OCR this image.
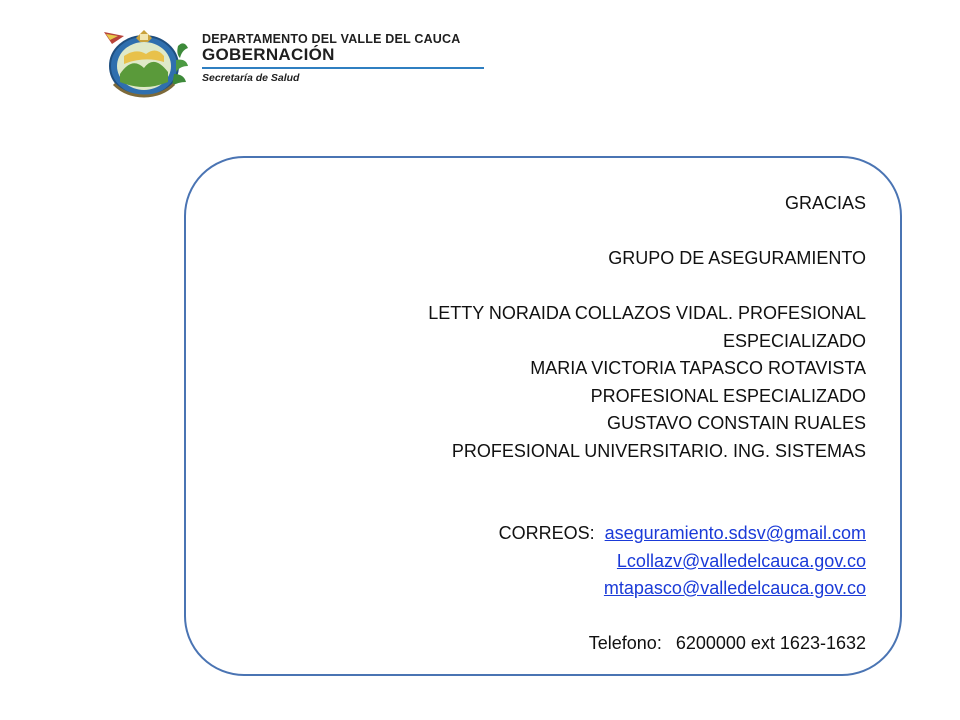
DEPARTAMENTO DEL VALLE DEL CAUCA
GOBERNACIÓN
Secretaría de Salud

GRACIAS

GRUPO DE ASEGURAMIENTO

LETTY NORAIDA COLLAZOS VIDAL. PROFESIONAL

ESPECIALIZADO

MARIA VICTORIA TAPASCO ROTAVISTA

PROFESIONAL ESPECIALIZADO

GUSTAVO CONSTAIN RUALES

PROFESIONAL UNIVERSITARIO. ING. SISTEMAS

CORREOS: aseguramiento.sdsv@gmail.com

Lcollazv@valledelcauca.gov.co

mtapasco@valledelcauca.gov.co

Telefono: 6200000 ext 1623-1632
